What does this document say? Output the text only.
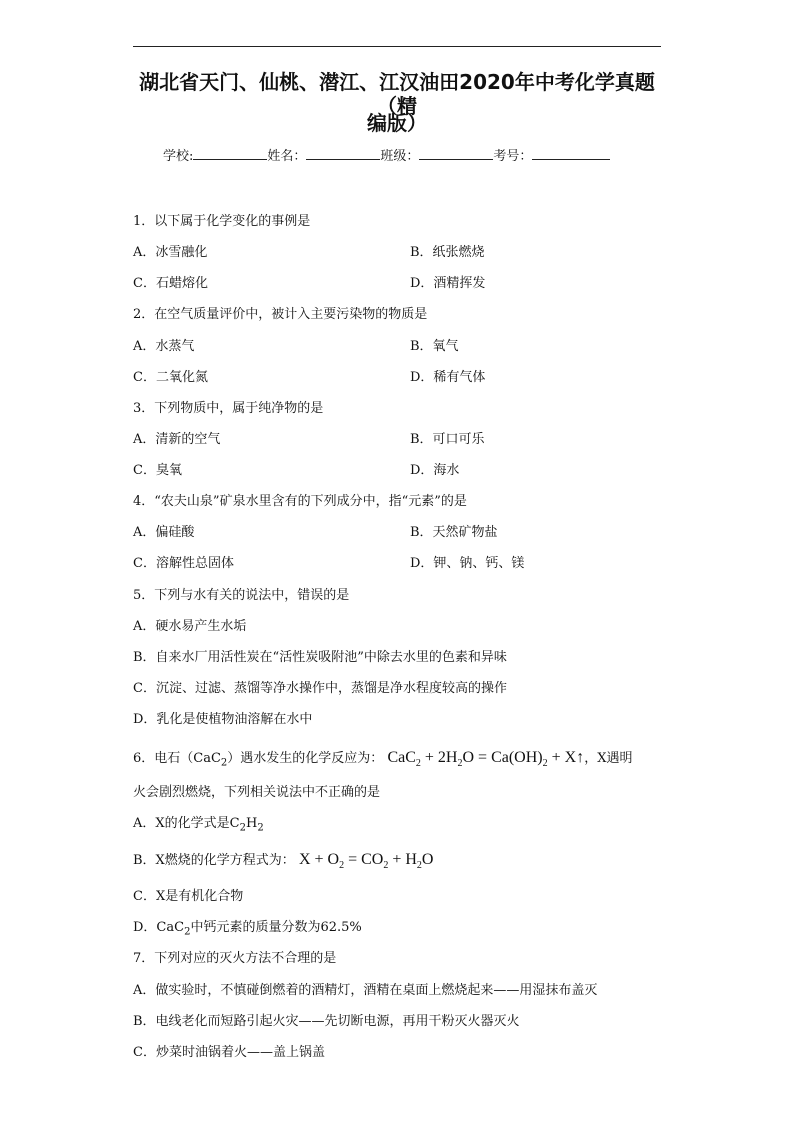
湖北省天门、仙桃、潜江、江汉油田2020年中考化学真题（精
编版）
学校:	姓名：	班级：	考号：
1．以下属于化学变化的事例是
A．冰雪融化	B．纸张燃烧
C．石蜡熔化	D．酒精挥发
2．在空气质量评价中，被计入主要污染物的物质是
A．水蒸气	B．氧气
C．二氧化氮	D．稀有气体
3．下列物质中，属于纯净物的是
A．清新的空气	B．可口可乐
C．臭氧	D．海水
4．“农夫山泉”矿泉水里含有的下列成分中，指“元素”的是
A．偏硅酸	B．天然矿物盐
C．溶解性总固体	D．钾、钠、钙、镁
5．下列与水有关的说法中，错误的是
A．硬水易产生水垢
B．自来水厂用活性炭在“活性炭吸附池”中除去水里的色素和异味
C．沉淀、过滤、蒸馏等净水操作中，蒸馏是净水程度较高的操作
D．乳化是使植物油溶解在水中
6．电石（CaC$_2$）遇水发生的化学反应为： $CaC_2 + 2H_2O = Ca(OH)_2$ + X↑，X遇明
火会剧烈燃烧，下列相关说法中不正确的是
A．X的化学式是$C_2H_2$
B．X燃烧的化学方程式为： $X + O_2 = CO_2 + H_2O$
C．X是有机化合物
D．CaC$_2$中钙元素的质量分数为62.5%
7．下列对应的灭火方法不合理的是
A．做实验时，不慎碰倒燃着的酒精灯，酒精在桌面上燃烧起来——用湿抹布盖灭
B．电线老化而短路引起火灾——先切断电源，再用干粉灭火器灭火
C．炒菜时油锅着火——盖上锅盖
